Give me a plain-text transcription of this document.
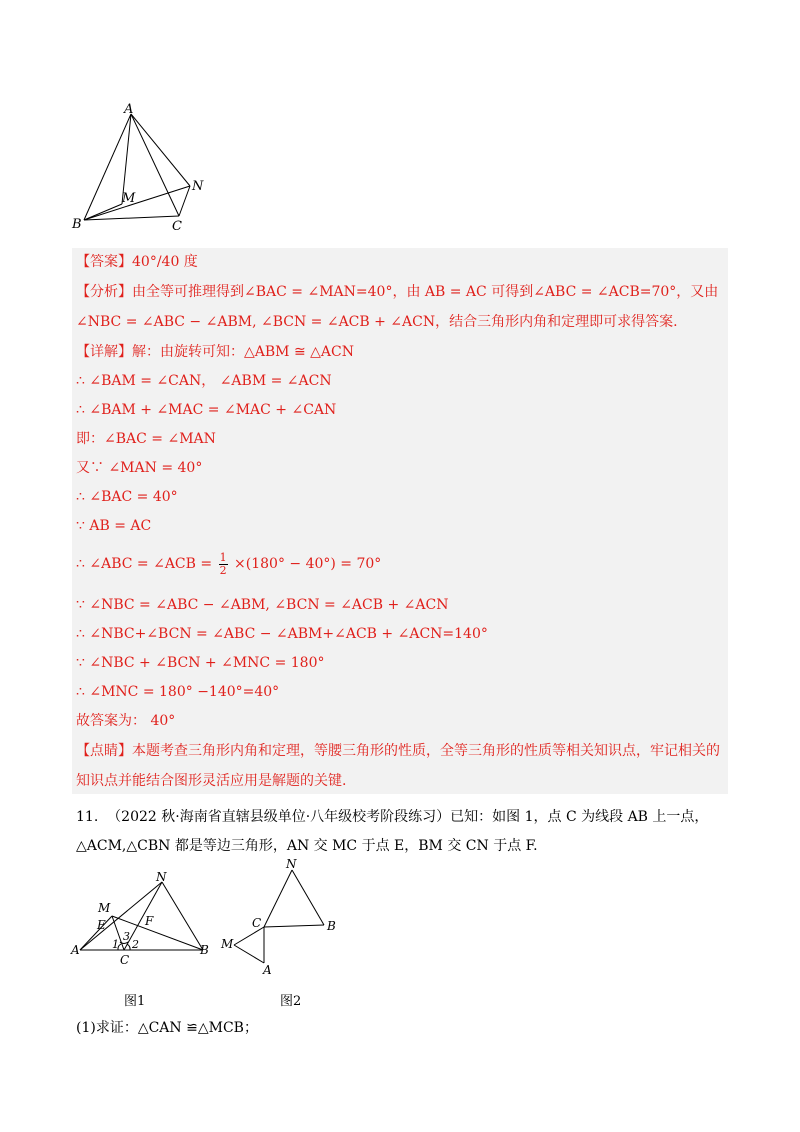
A
B	C
M
N
【答案】40°/40 度
【分析】由全等可推理得到∠BAC = ∠MAN=40°，由 AB = AC 可得到∠ABC = ∠ACB=70°，又由
∠NBC = ∠ABC − ∠ABM, ∠BCN = ∠ACB + ∠ACN，结合三角形内角和定理即可求得答案.
【详解】解：由旋转可知：△ABM ≅ △ACN
∴ ∠BAM = ∠CAN， ∠ABM = ∠ACN
∴ ∠BAM + ∠MAC = ∠MAC + ∠CAN
即：∠BAC = ∠MAN
又∵ ∠MAN = 40°
∴ ∠BAC = 40°
∵ AB = AC
∴ ∠ABC = ∠ACB = $\frac{1}{2} \times(180^\circ - 40^\circ) = 70^\circ$
∵ ∠NBC = ∠ABC − ∠ABM, ∠BCN = ∠ACB + ∠ACN
∴ ∠NBC+∠BCN = ∠ABC − ∠ABM+∠ACB + ∠ACN=140°
∵ ∠NBC + ∠BCN + ∠MNC = 180°
∴ ∠MNC = 180° −140°=40°
故答案为： 40°
【点睛】本题考查三角形内角和定理，等腰三角形的性质，全等三角形的性质等相关知识点，牢记相关的
知识点并能结合图形灵活应用是解题的关键.
11. （2022 秋·海南省直辖县级单位·八年级校考阶段练习）已知：如图 1，点 C 为线段 AB 上一点，
△ACM,△CBN 都是等边三角形，AN 交 MC 于点 E，BM 交 CN 于点 F.
M
N
E	F
A	B
C
1 2
3
图1
N
C	B
M
A
图2
(1)求证：△CAN ≌△MCB；
